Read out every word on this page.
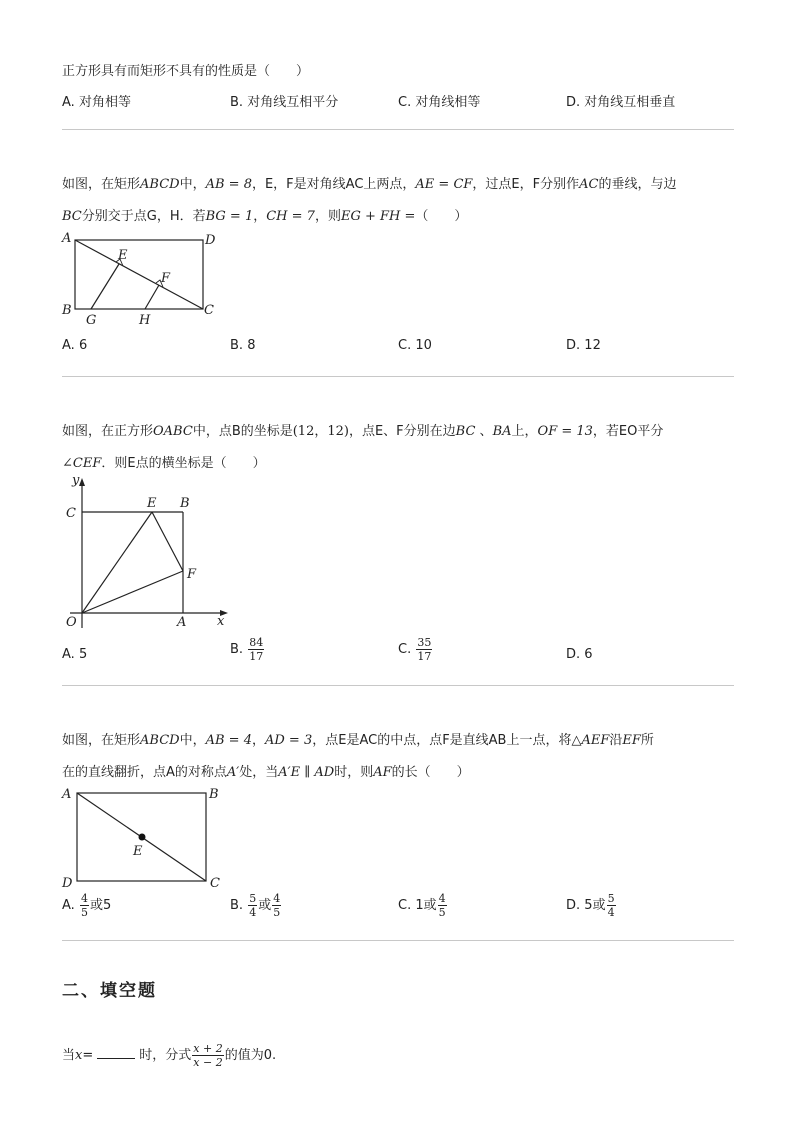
正方形具有而矩形不具有的性质是（　　）
A. 对角相等	B. 对角线互相平分	C. 对角线相等	D. 对角线互相垂直
如图，在矩形ABCD中，AB = 8，E，F是对角线AC上两点，AE = CF，过点E，F分别作AC的垂线，与边
BC分别交于点G，H．若BG = 1，CH = 7，则EG + FH =（　　）
A	D
B	C
E
F
G	H
A. 6	B. 8	C. 10	D. 12
如图，在正方形OABC中，点B的坐标是(12，12)，点E、F分别在边BC 、BA上，OF = 13，若EO平分
∠CEF．则E点的横坐标是（　　）
y
x
O	A
B
C
E
F
A. 5	B. $\frac{84}{17}$	C. $\frac{35}{17}$	D. 6
如图，在矩形ABCD中，AB = 4，AD = 3，点E是AC的中点，点F是直线AB上一点，将△AEF沿EF所
在的直线翻折，点A的对称点A′处，当A′E ∥ AD时，则AF的长（　　）
A	B
D	C
E
A. $\frac{4}{5}$ 或5	B. $\frac{5}{4}$ 或 $\frac{4}{5}$	C. 1或 $\frac{4}{5}$	D. 5或 $\frac{5}{4}$
二、填空题
当x=	时，分式 $\frac{x + 2}{x - 2}$ 的值为0.
